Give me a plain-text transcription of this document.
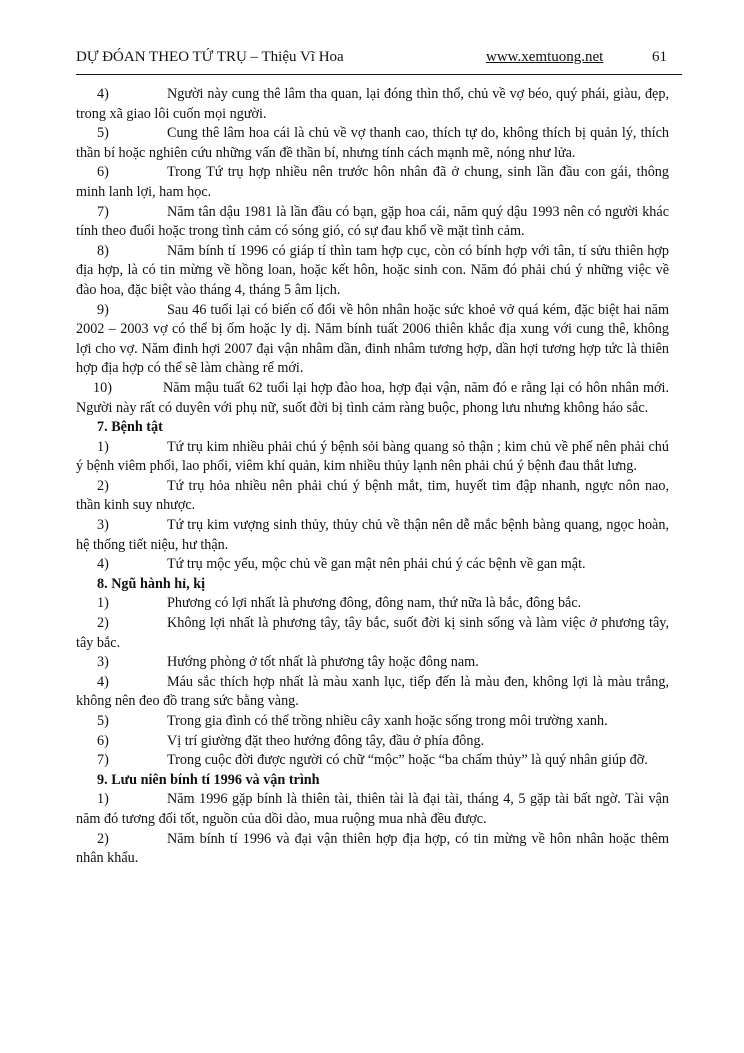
DỰ ĐÓAN THEO TỨ TRỤ – Thiệu Vĩ Hoa	www.xemtuong.net	61

4)	Người này cung thê lâm tha quan, lại đóng thìn thổ, chủ về vợ béo, quý phái, giàu, đẹp, trong xã giao lôi cuốn mọi người.

5)	Cung thê lâm hoa cái là chủ về vợ thanh cao, thích tự do, không thích bị quản lý, thích thần bí hoặc nghiên cứu những vấn đề thần bí, nhưng tính cách mạnh mẽ, nóng như lửa.

6)	Trong Tứ trụ hợp nhiều nên trước hôn nhân đã ở chung, sinh lần đầu con gái, thông minh lanh lợi, ham học.

7)	Năm tân dậu 1981 là lần đầu có bạn, gặp hoa cái, năm quý dậu 1993 nên có người khác tính theo đuổi hoặc trong tình cảm có sóng gió, có sự đau khổ về mặt tình cảm.

8)	Năm bính tí 1996 có giáp tí thìn tam hợp cục, còn có bính hợp với tân, tí sửu thiên hợp địa hợp, là có tin mừng về hồng loan, hoặc kết hôn, hoặc sinh con. Năm đó phải chú ý những việc về đào hoa, đặc biệt vào tháng 4, tháng 5 âm lịch.

9)	Sau 46 tuổi lại có biến cố đổi về hôn nhân hoặc sức khoẻ vở quá kém, đặc biệt hai năm 2002 – 2003 vợ có thể bị ốm hoặc ly dị. Năm bính tuất 2006 thiên khắc địa xung với cung thê, không lợi cho vợ. Năm đinh hợi 2007 đại vận nhâm dần, đinh nhâm tương hợp, dần hợi tương hợp tức là thiên hợp địa hợp có thể sẽ làm chàng rể mới.

10)	Năm mậu tuất 62 tuổi lại hợp đào hoa, hợp đại vận, năm đó e rằng lại có hôn nhân mới. Người này rất có duyên với phụ nữ, suốt đời bị tình cảm ràng buộc, phong lưu nhưng không háo sắc.

7. Bệnh tật

1)	Tứ trụ kim nhiều phải chú ý bệnh sỏi bàng quang sỏ thận ; kim chủ về phế nên phải chú ý bệnh viêm phổi, lao phổi, viêm khí quản, kim nhiều thủy lạnh nên phải chú ý bệnh đau thắt lưng.

2)	Tứ trụ hỏa nhiều nên phải chú ý bệnh mắt, tim, huyết tim đập nhanh, ngực nôn nao, thần kinh suy nhược.

3)	Tứ trụ kim vượng sinh thủy, thủy chủ về thận nên dễ mắc bệnh bàng quang, ngọc hoàn, hệ thống tiết niệu, hư thận.

4)	Tứ trụ mộc yếu, mộc chủ về gan mật nên phải chú ý các bệnh về gan mật.

8. Ngũ hành hỉ, kị

1)	Phương có lợi nhất là phương đông, đông nam, thứ nữa là bắc, đông bắc.

2)	Không lợi nhất là phương tây, tây bắc, suốt đời kị sinh sống và làm việc ở phương tây, tây bắc.

3)	Hướng phòng ở tốt nhất là phương tây hoặc đông nam.

4)	Máu sắc thích hợp nhất là màu xanh lục, tiếp đến là màu đen, không lợi là màu trắng, không nên đeo đồ trang sức bằng vàng.

5)	Trong gia đình có thể trồng nhiều cây xanh hoặc sống trong môi trường xanh.

6)	Vị trí giường đặt theo hướng đông tây, đầu ở phía đông.

7)	Trong cuộc đời được người có chữ “mộc” hoặc “ba chấm thủy” là quý nhân giúp đỡ.

9. Lưu niên bính tí 1996 và vận trình

1)	Năm 1996 gặp bính là thiên tài, thiên tài là đại tài, tháng 4, 5 gặp tài bất ngờ. Tài vận năm đó tương đối tốt, nguồn của dồi dào, mua ruộng mua nhà đều được.

2)	Năm bính tí 1996 và đại vận thiên hợp địa hợp, có tin mừng về hôn nhân hoặc thêm nhân khẩu.
